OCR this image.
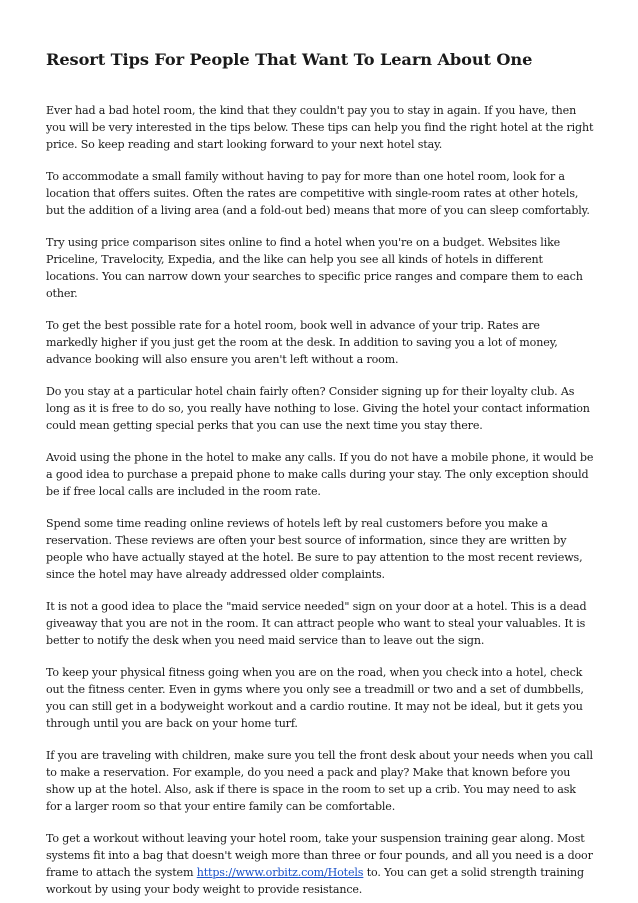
Resort Tips For People That Want To Learn About One

Ever had a bad hotel room, the kind that they couldn't pay you to stay in again. If you have, then you will be very interested in the tips below. These tips can help you find the right hotel at the right price. So keep reading and start looking forward to your next hotel stay.

To accommodate a small family without having to pay for more than one hotel room, look for a location that offers suites. Often the rates are competitive with single-room rates at other hotels, but the addition of a living area (and a fold-out bed) means that more of you can sleep comfortably.

Try using price comparison sites online to find a hotel when you're on a budget. Websites like Priceline, Travelocity, Expedia, and the like can help you see all kinds of hotels in different locations. You can narrow down your searches to specific price ranges and compare them to each other.

To get the best possible rate for a hotel room, book well in advance of your trip. Rates are markedly higher if you just get the room at the desk. In addition to saving you a lot of money, advance booking will also ensure you aren't left without a room.

Do you stay at a particular hotel chain fairly often? Consider signing up for their loyalty club. As long as it is free to do so, you really have nothing to lose. Giving the hotel your contact information could mean getting special perks that you can use the next time you stay there.

Avoid using the phone in the hotel to make any calls. If you do not have a mobile phone, it would be a good idea to purchase a prepaid phone to make calls during your stay. The only exception should be if free local calls are included in the room rate.

Spend some time reading online reviews of hotels left by real customers before you make a reservation. These reviews are often your best source of information, since they are written by people who have actually stayed at the hotel. Be sure to pay attention to the most recent reviews, since the hotel may have already addressed older complaints.

It is not a good idea to place the "maid service needed" sign on your door at a hotel. This is a dead giveaway that you are not in the room. It can attract people who want to steal your valuables. It is better to notify the desk when you need maid service than to leave out the sign.

To keep your physical fitness going when you are on the road, when you check into a hotel, check out the fitness center. Even in gyms where you only see a treadmill or two and a set of dumbbells, you can still get in a bodyweight workout and a cardio routine. It may not be ideal, but it gets you through until you are back on your home turf.

If you are traveling with children, make sure you tell the front desk about your needs when you call to make a reservation. For example, do you need a pack and play? Make that known before you show up at the hotel. Also, ask if there is space in the room to set up a crib. You may need to ask for a larger room so that your entire family can be comfortable.

To get a workout without leaving your hotel room, take your suspension training gear along. Most systems fit into a bag that doesn't weigh more than three or four pounds, and all you need is a door frame to attach the system https://www.orbitz.com/Hotels to. You can get a solid strength training workout by using your body weight to provide resistance.
